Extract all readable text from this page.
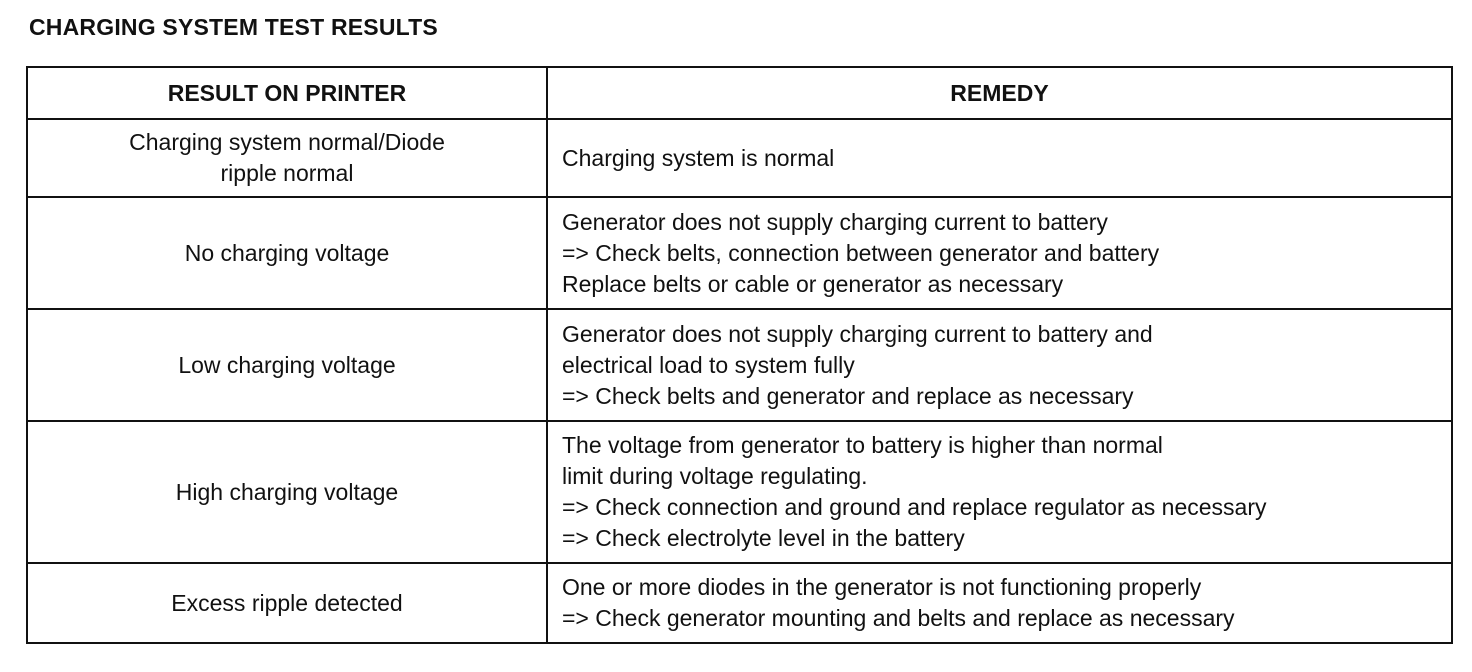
CHARGING SYSTEM TEST RESULTS
RESULT ON PRINTER	REMEDY

Charging system normal/Diode
ripple normal	Charging system is normal

No charging voltage	Generator does not supply charging current to battery
=> Check belts, connection between generator and battery
Replace belts or cable or generator as necessary

Low charging voltage	Generator does not supply charging current to battery and
electrical load to system fully
=> Check belts and generator and replace as necessary

High charging voltage	The voltage from generator to battery is higher than normal
limit during voltage regulating.
=> Check connection and ground and replace regulator as necessary
=> Check electrolyte level in the battery

Excess ripple detected	One or more diodes in the generator is not functioning properly
=> Check generator mounting and belts and replace as necessary
